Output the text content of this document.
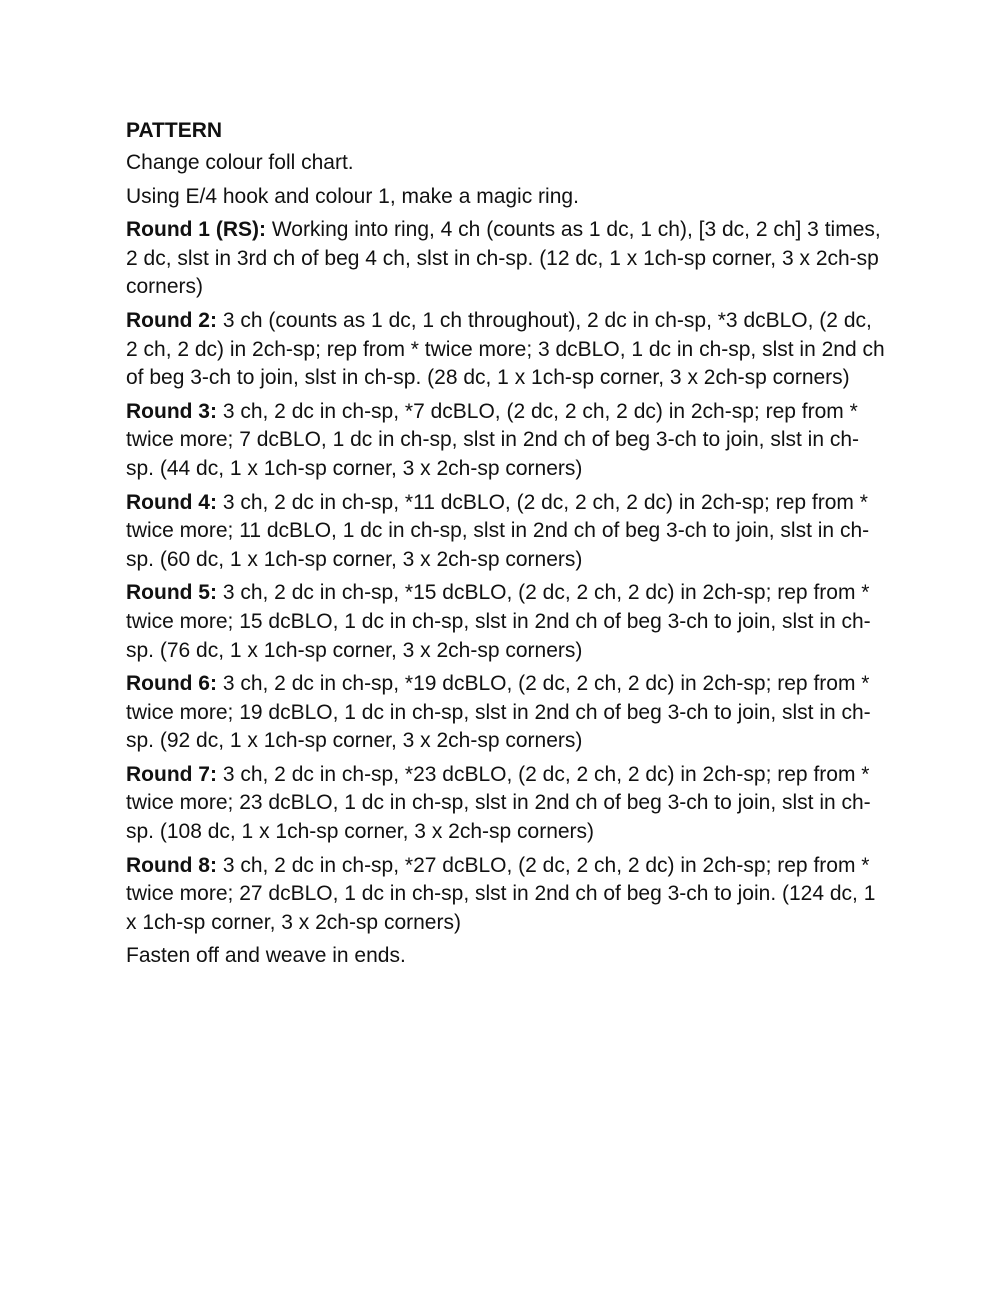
PATTERN

Change colour foll chart.

Using E/4 hook and colour 1, make a magic ring.

Round 1 (RS): Working into ring, 4 ch (counts as 1 dc, 1 ch), [3 dc, 2 ch] 3 times, 2 dc, slst in 3rd ch of beg 4 ch, slst in ch-sp. (12 dc, 1 x 1ch-sp corner, 3 x 2ch-sp corners)

Round 2: 3 ch (counts as 1 dc, 1 ch throughout), 2 dc in ch-sp, *3 dcBLO, (2 dc, 2 ch, 2 dc) in 2ch-sp; rep from * twice more; 3 dcBLO, 1 dc in ch-sp, slst in 2nd ch of beg 3-ch to join, slst in ch-sp. (28 dc, 1 x 1ch-sp corner, 3 x 2ch-sp corners)

Round 3: 3 ch, 2 dc in ch-sp, *7 dcBLO, (2 dc, 2 ch, 2 dc) in 2ch-sp; rep from * twice more; 7 dcBLO, 1 dc in ch-sp, slst in 2nd ch of beg 3-ch to join, slst in ch-sp. (44 dc, 1 x 1ch-sp corner, 3 x 2ch-sp corners)

Round 4: 3 ch, 2 dc in ch-sp, *11 dcBLO, (2 dc, 2 ch, 2 dc) in 2ch-sp; rep from * twice more; 11 dcBLO, 1 dc in ch-sp, slst in 2nd ch of beg 3-ch to join, slst in ch-sp. (60 dc, 1 x 1ch-sp corner, 3 x 2ch-sp corners)

Round 5: 3 ch, 2 dc in ch-sp, *15 dcBLO, (2 dc, 2 ch, 2 dc) in 2ch-sp; rep from * twice more; 15 dcBLO, 1 dc in ch-sp, slst in 2nd ch of beg 3-ch to join, slst in ch-sp. (76 dc, 1 x 1ch-sp corner, 3 x 2ch-sp corners)

Round 6: 3 ch, 2 dc in ch-sp, *19 dcBLO, (2 dc, 2 ch, 2 dc) in 2ch-sp; rep from * twice more; 19 dcBLO, 1 dc in ch-sp, slst in 2nd ch of beg 3-ch to join, slst in ch-sp. (92 dc, 1 x 1ch-sp corner, 3 x 2ch-sp corners)

Round 7: 3 ch, 2 dc in ch-sp, *23 dcBLO, (2 dc, 2 ch, 2 dc) in 2ch-sp; rep from * twice more; 23 dcBLO, 1 dc in ch-sp, slst in 2nd ch of beg 3-ch to join, slst in ch-sp. (108 dc, 1 x 1ch-sp corner, 3 x 2ch-sp corners)

Round 8: 3 ch, 2 dc in ch-sp, *27 dcBLO, (2 dc, 2 ch, 2 dc) in 2ch-sp; rep from * twice more; 27 dcBLO, 1 dc in ch-sp, slst in 2nd ch of beg 3-ch to join. (124 dc, 1 x 1ch-sp corner, 3 x 2ch-sp corners)

Fasten off and weave in ends.
